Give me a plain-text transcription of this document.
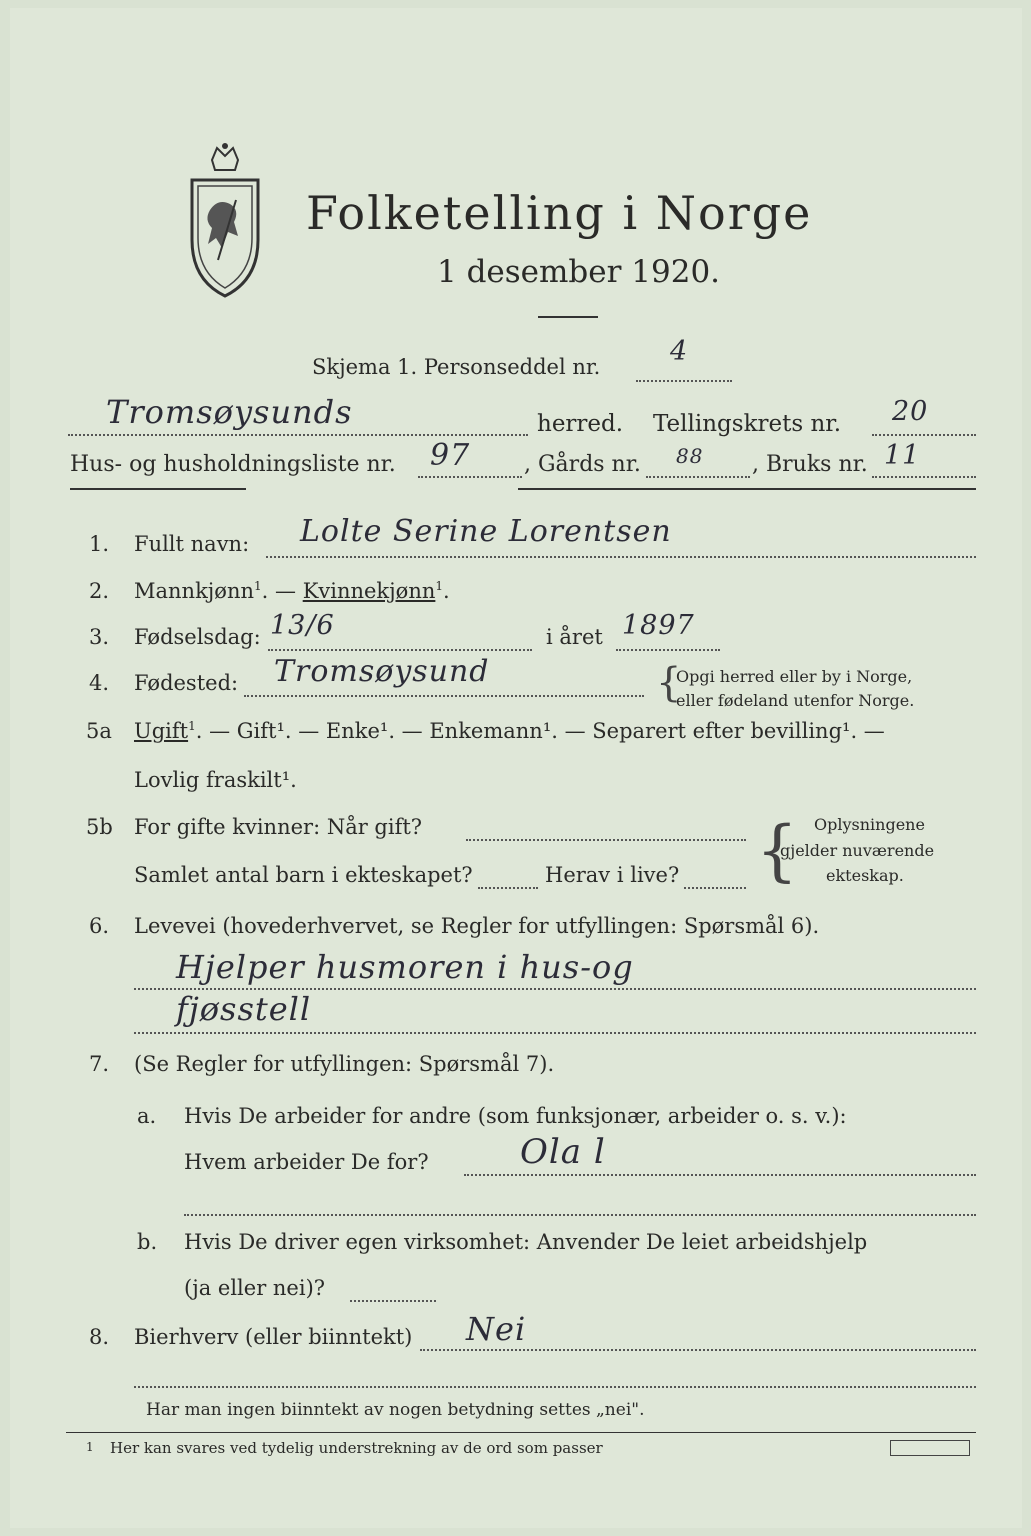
Folketelling i Norge
1 desember 1920.
Skjema 1. Personseddel nr.	4
Tromsøysunds	herred. Tellingskrets nr. 20
Hus- og husholdningsliste nr. 97 , Gårds nr. 88 , Bruks nr. 11
1. Fullt navn: Lolte Serine Lorentsen
2. Mannkjønn$^1$. — Kvinnekjønn$^1$.
3. Fødselsdag: 13/6	i året 1897
4. Fødested: Tromsøysund	{
Opgi herred eller by i Norge,
eller fødeland utenfor Norge.
5a Ugift$^1$. — Gift¹. — Enke¹. — Enkemann¹. — Separert efter bevilling¹. —
Lovlig fraskilt¹.
5b For gifte kvinner: Når gift?
Samlet antal barn i ekteskapet?	Herav i live? { Oplysningene
gjelder nuværende
ekteskap.
6. Levevei (hovederhvervet, se Regler for utfyllingen: Spørsmål 6).
Hjelper husmoren i hus-og
fjøsstell
7. (Se Regler for utfyllingen: Spørsmål 7).
a. Hvis De arbeider for andre (som funksjonær, arbeider o. s. v.):
Hvem arbeider De for?	Ola l
b. Hvis De driver egen virksomhet: Anvender De leiet arbeidshjelp
(ja eller nei)?
8. Bierhverv (eller biinntekt) Nei
Har man ingen biinntekt av nogen betydning settes „nei".
1 Her kan svares ved tydelig understrekning av de ord som passer
